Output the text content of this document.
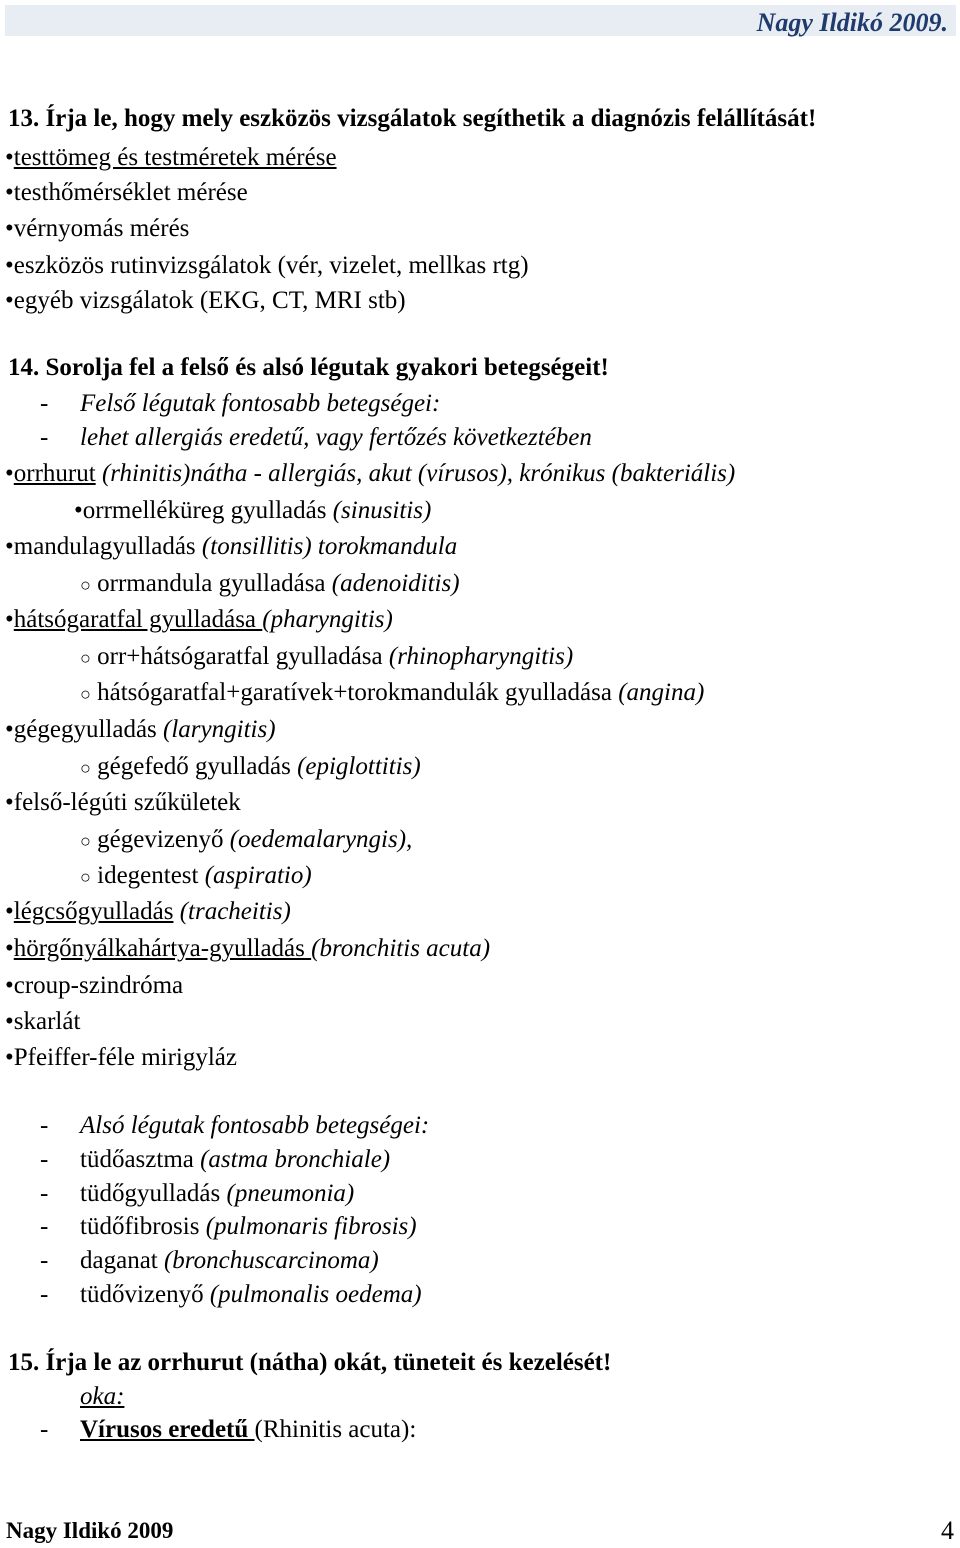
Nagy Ildikó 2009.
13. Írja le, hogy mely eszközös vizsgálatok segíthetik a diagnózis felállítását!
•testtömeg és testméretek mérése
•testhőmérséklet mérése
•vérnyomás mérés
•eszközös rutinvizsgálatok (vér, vizelet, mellkas rtg)
•egyéb vizsgálatok (EKG, CT, MRI stb)
14. Sorolja fel a felső és alsó légutak gyakori betegségeit!
- Felső légutak fontosabb betegségei:
- lehet allergiás eredetű, vagy fertőzés következtében
•orrhurut (rhinitis)nátha - allergiás, akut (vírusos), krónikus (bakteriális)
•orrmelléküreg gyulladás (sinusitis)
•mandulagyulladás (tonsillitis) torokmandula
○ orrmandula gyulladása (adenoiditis)
•hátsógaratfal gyulladása (pharyngitis)
○ orr+hátsógaratfal gyulladása (rhinopharyngitis)
○ hátsógaratfal+garatívek+torokmandulák gyulladása (angina)
•gégegyulladás (laryngitis)
○ gégefedő gyulladás (epiglottitis)
•felső-légúti szűkületek
○ gégevizenyő (oedemalaryngis),
○ idegentest (aspiratio)
•légcsőgyulladás (tracheitis)
•hörgőnyálkahártya-gyulladás (bronchitis acuta)
•croup-szindróma
•skarlát
•Pfeiffer-féle mirigyláz
- Alsó légutak fontosabb betegségei:
- tüdőasztma (astma bronchiale)
- tüdőgyulladás (pneumonia)
- tüdőfibrosis (pulmonaris fibrosis)
- daganat (bronchuscarcinoma)
- tüdővizenyő (pulmonalis oedema)
15. Írja le az orrhurut (nátha) okát, tüneteit és kezelését!
oka:
- Vírusos eredetű (Rhinitis acuta):
Nagy Ildikó 2009	4
